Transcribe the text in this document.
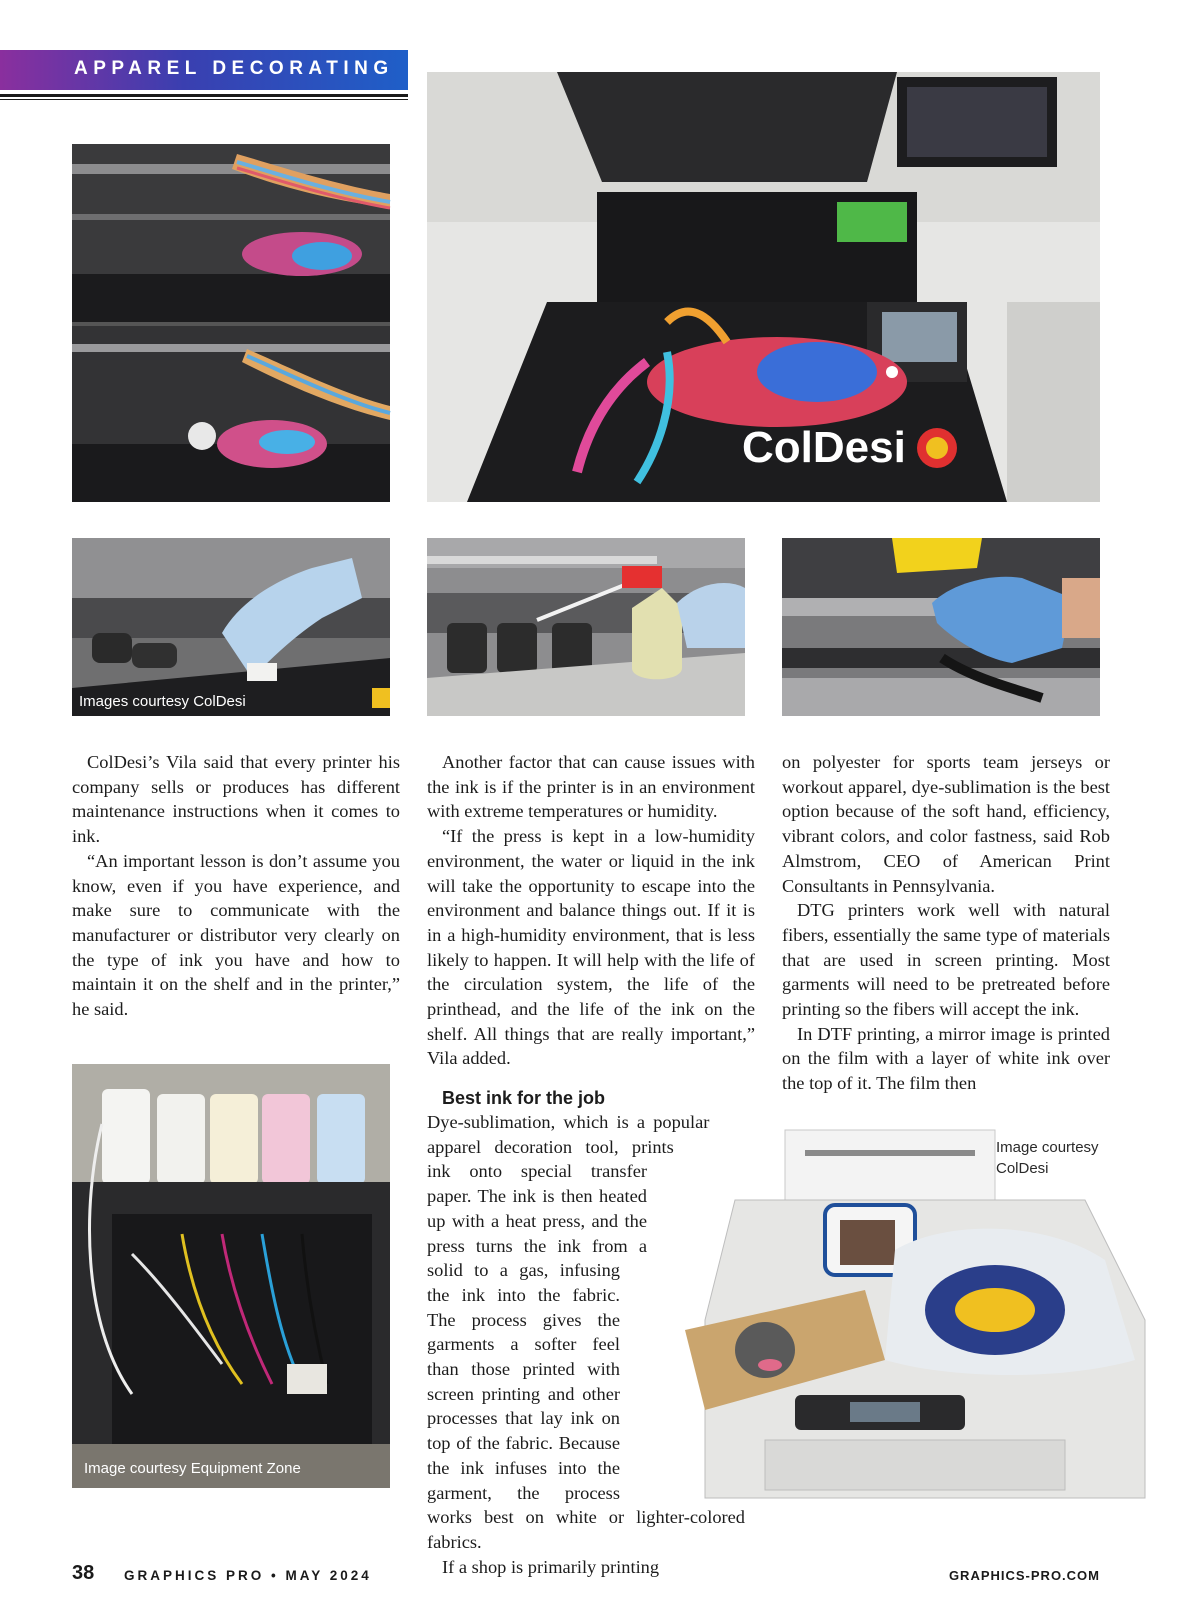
APPAREL DECORATING
ColDesi
Images courtesy ColDesi

ColDesi’s Vila said that every printer his company sells or produces has different maintenance instructions when it comes to ink.

“An important lesson is don’t assume you know, even if you have experience, and make sure to communicate with the manufacturer or distributor very clearly on the type of ink you have and how to maintain it on the shelf and in the printer,” he said.

Another factor that can cause issues with the ink is if the printer is in an environment with extreme temperatures or humidity.

“If the press is kept in a low-humidity environment, the water or liquid in the ink will take the opportunity to escape into the environment and balance things out. If it is in a high-humidity environment, that is less likely to happen. It will help with the life of the circulation system, the life of the printhead, and the life of the ink on the shelf. All things that are really important,” Vila added.

Best ink for the job

Dye-sublimation, which is a popular apparel decoration tool, prints ink onto special transfer paper. The ink is then heated up with a heat press, and the press turns the ink from a solid to a gas, infusing the ink into the fabric. The process gives the garments a softer feel than those printed with screen printing and other processes that lay ink on top of the fabric. Because the ink infuses into the garment, the process works best on white or lighter-colored fabrics.

If a shop is primarily printing

on polyester for sports team jerseys or workout apparel, dye-sublimation is the best option because of the soft hand, efficiency, vibrant colors, and color fastness, said Rob Almstrom, CEO of American Print Consultants in Pennsylvania.

DTG printers work well with natural fibers, essentially the same type of materials that are used in screen printing. Most garments will need to be pretreated before printing so the fibers will accept the ink.

In DTF printing, a mirror image is printed on the film with a layer of white ink over the top of it. The film then

Image courtesy Equipment Zone
Image courtesy
ColDesi
38 GRAPHICS PRO • MAY 2024	GRAPHICS-PRO.COM
